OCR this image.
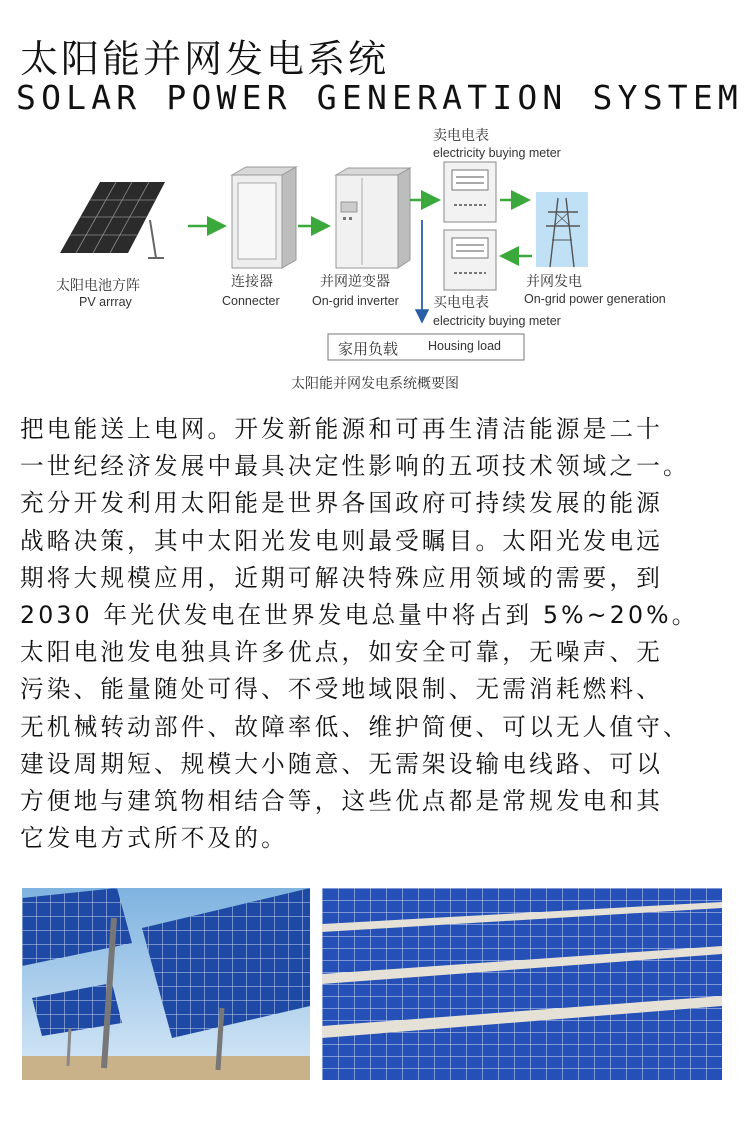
太阳能并网发电系统
SOLAR POWER GENERATION SYSTEM
太阳电池方阵
PV arrray
连接器
Connecter
并网逆变器
On-grid inverter
卖电电表
electricity buying meter
买电电表
electricity buying meter
并网发电
On-grid power generation
家用负载 Housing load
太阳能并网发电系统概要图

把电能送上电网。开发新能源和可再生清洁能源是二十

一世纪经济发展中最具决定性影响的五项技术领域之一。

充分开发利用太阳能是世界各国政府可持续发展的能源

战略决策，其中太阳光发电则最受瞩目。太阳光发电远

期将大规模应用，近期可解决特殊应用领域的需要，到

2030 年光伏发电在世界发电总量中将占到 5%~20%。

太阳电池发电独具许多优点，如安全可靠，无噪声、无

污染、能量随处可得、不受地域限制、无需消耗燃料、

无机械转动部件、故障率低、维护简便、可以无人值守、

建设周期短、规模大小随意、无需架设输电线路、可以

方便地与建筑物相结合等，这些优点都是常规发电和其

它发电方式所不及的。
